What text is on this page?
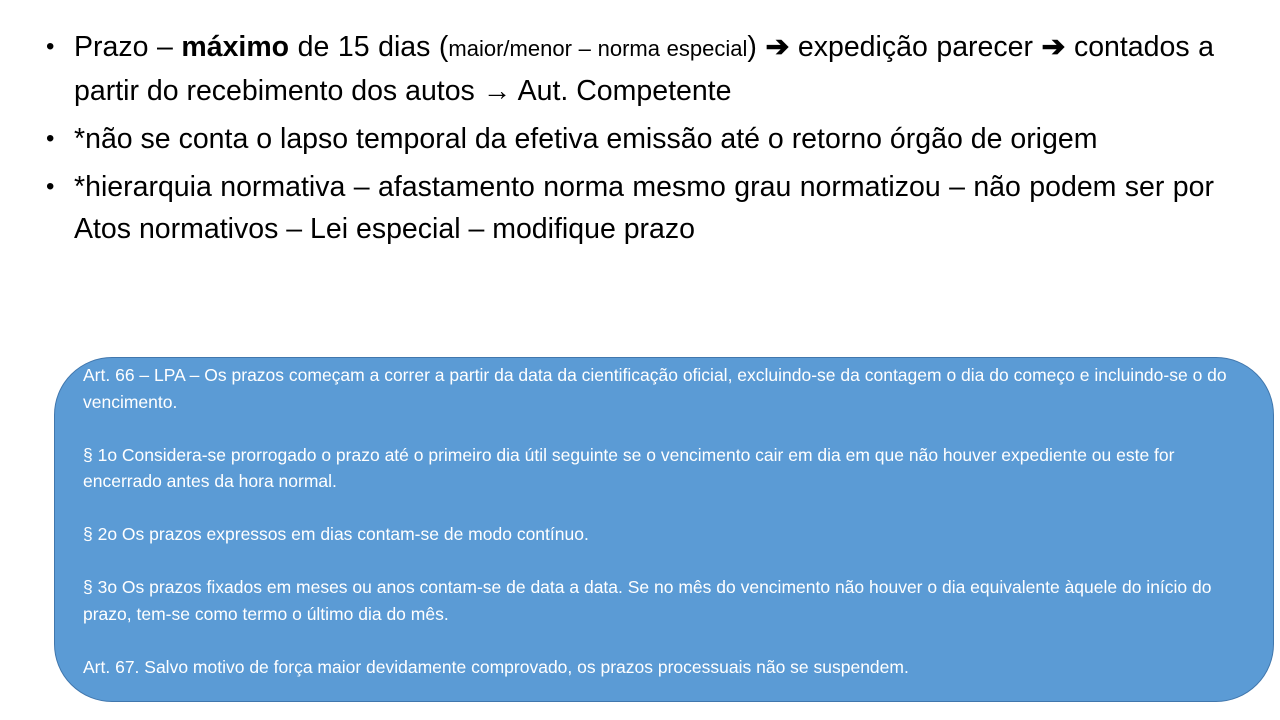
• Prazo – máximo de 15 dias (maior/menor – norma especial) ➔ expedição parecer ➔ contados a partir do recebimento dos autos → Aut. Competente
• *não se conta o lapso temporal da efetiva emissão até o retorno órgão de origem
• *hierarquia normativa – afastamento norma mesmo grau normatizou – não podem ser por Atos normativos – Lei especial – modifique prazo

Art. 66 – LPA – Os prazos começam a correr a partir da data da cientificação oficial, excluindo-se da contagem o dia do começo e incluindo-se o do vencimento.

§ 1o Considera-se prorrogado o prazo até o primeiro dia útil seguinte se o vencimento cair em dia em que não houver expediente ou este for encerrado antes da hora normal.

§ 2o Os prazos expressos em dias contam-se de modo contínuo.

§ 3o Os prazos fixados em meses ou anos contam-se de data a data. Se no mês do vencimento não houver o dia equivalente àquele do início do prazo, tem-se como termo o último dia do mês.

Art. 67. Salvo motivo de força maior devidamente comprovado, os prazos processuais não se suspendem.
